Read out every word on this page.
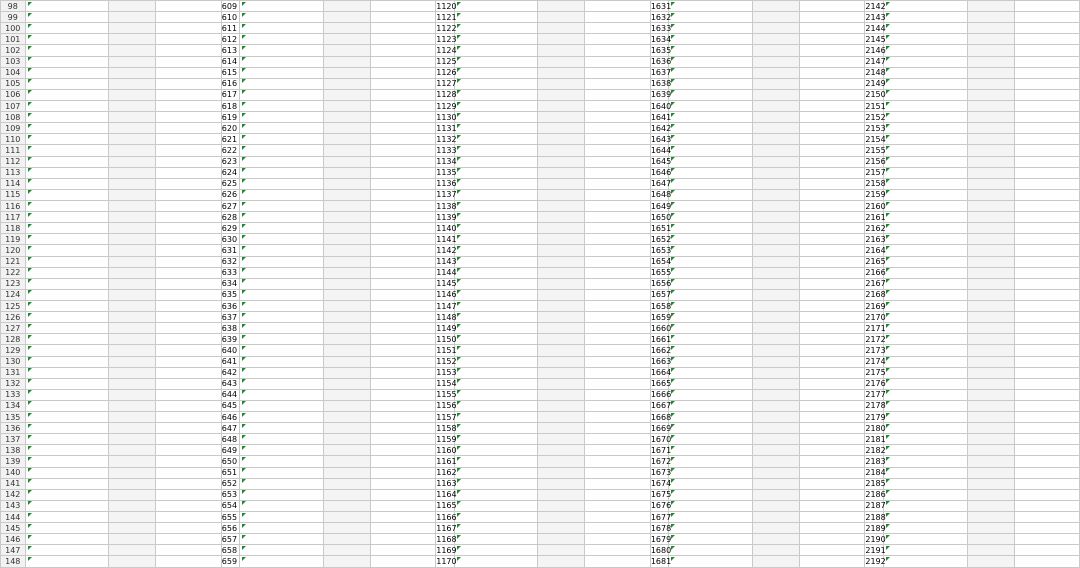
98				609				1120				1631				2142			
99				610				1121				1632				2143			
100				611				1122				1633				2144			
101				612				1123				1634				2145			
102				613				1124				1635				2146			
103				614				1125				1636				2147			
104				615				1126				1637				2148			
105				616				1127				1638				2149			
106				617				1128				1639				2150			
107				618				1129				1640				2151			
108				619				1130				1641				2152			
109				620				1131				1642				2153			
110				621				1132				1643				2154			
111				622				1133				1644				2155			
112				623				1134				1645				2156			
113				624				1135				1646				2157			
114				625				1136				1647				2158			
115				626				1137				1648				2159			
116				627				1138				1649				2160			
117				628				1139				1650				2161			
118				629				1140				1651				2162			
119				630				1141				1652				2163			
120				631				1142				1653				2164			
121				632				1143				1654				2165			
122				633				1144				1655				2166			
123				634				1145				1656				2167			
124				635				1146				1657				2168			
125				636				1147				1658				2169			
126				637				1148				1659				2170			
127				638				1149				1660				2171			
128				639				1150				1661				2172			
129				640				1151				1662				2173			
130				641				1152				1663				2174			
131				642				1153				1664				2175			
132				643				1154				1665				2176			
133				644				1155				1666				2177			
134				645				1156				1667				2178			
135				646				1157				1668				2179			
136				647				1158				1669				2180			
137				648				1159				1670				2181			
138				649				1160				1671				2182			
139				650				1161				1672				2183			
140				651				1162				1673				2184			
141				652				1163				1674				2185			
142				653				1164				1675				2186			
143				654				1165				1676				2187			
144				655				1166				1677				2188			
145				656				1167				1678				2189			
146				657				1168				1679				2190			
147				658				1169				1680				2191			
148				659				1170				1681				2192			
